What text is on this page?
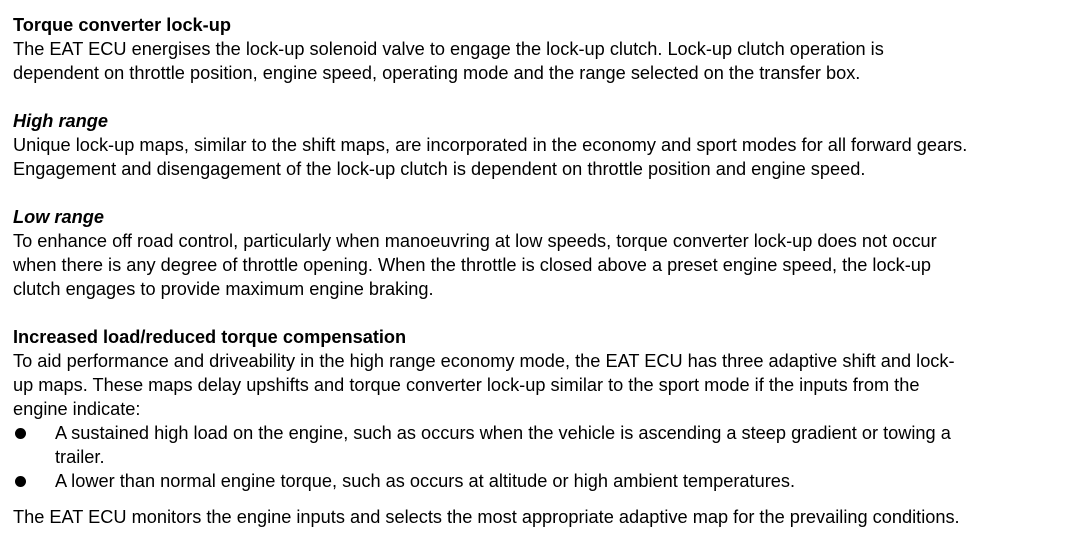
Torque converter lock-up

The EAT ECU energises the lock-up solenoid valve to engage the lock-up clutch. Lock-up clutch operation is
dependent on throttle position, engine speed, operating mode and the range selected on the transfer box.

High range

Unique lock-up maps, similar to the shift maps, are incorporated in the economy and sport modes for all forward gears.
Engagement and disengagement of the lock-up clutch is dependent on throttle position and engine speed.

Low range

To enhance off road control, particularly when manoeuvring at low speeds, torque converter lock-up does not occur
when there is any degree of throttle opening. When the throttle is closed above a preset engine speed, the lock-up
clutch engages to provide maximum engine braking.

Increased load/reduced torque compensation

To aid performance and driveability in the high range economy mode, the EAT ECU has three adaptive shift and lock-
up maps. These maps delay upshifts and torque converter lock-up similar to the sport mode if the inputs from the
engine indicate:
A sustained high load on the engine, such as occurs when the vehicle is ascending a steep gradient or towing a
trailer.
A lower than normal engine torque, such as occurs at altitude or high ambient temperatures.
The EAT ECU monitors the engine inputs and selects the most appropriate adaptive map for the prevailing conditions.
